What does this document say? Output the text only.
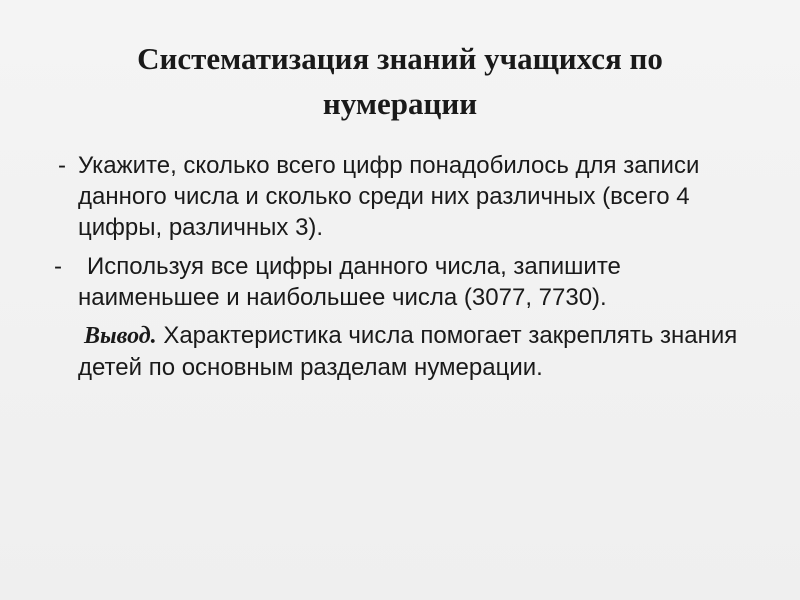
Систематизация знаний учащихся по нумерации

- Укажите, сколько всего цифр понадобилось для записи данного числа и сколько среди них различных (всего 4 цифры, различных 3).

- Используя все цифры данного числа, запишите наименьшее и наибольшее числа (3077, 7730).

Вывод. Характеристика числа помогает закреплять знания детей по основным разделам нумерации.
